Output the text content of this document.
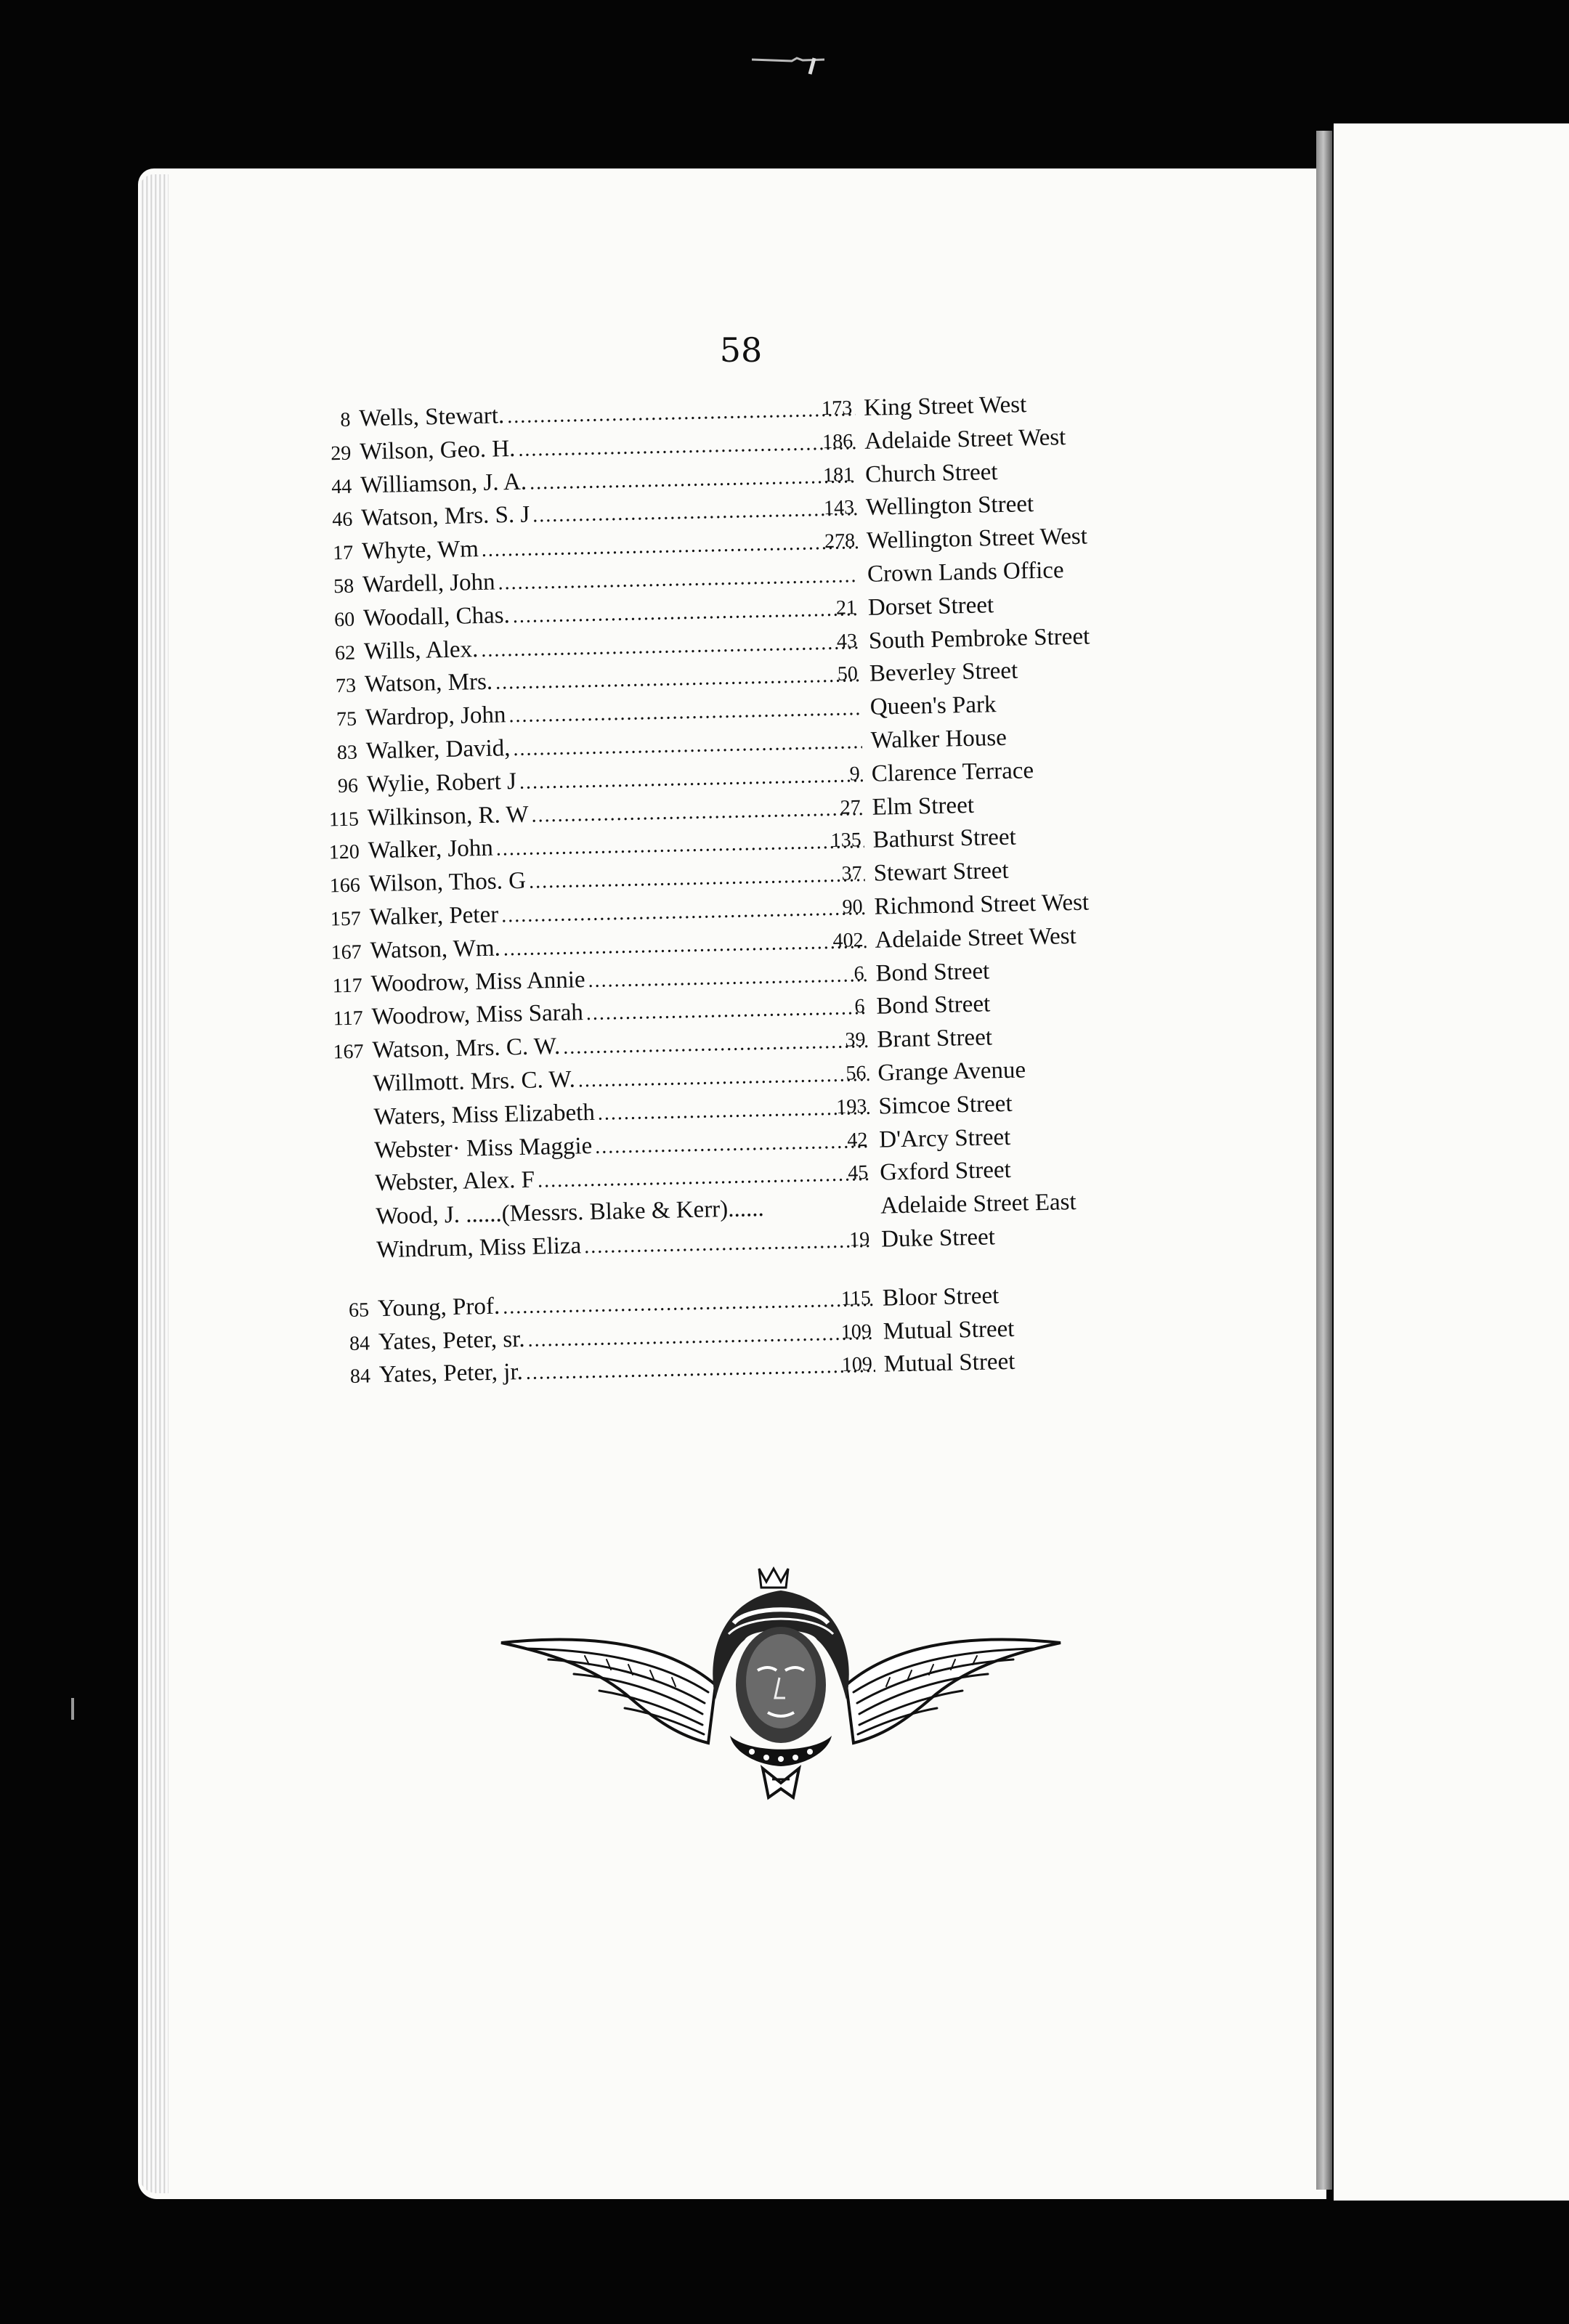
58
8 Wells, Stewart. .....	173 King Street West
29 Wilson, Geo. H. .....	186 Adelaide Street West
44 Williamson, J. A. .....	181 Church Street
46 Watson, Mrs. S. J .....	143 Wellington Street
17 Whyte, Wm .....	278 Wellington Street West
58 Wardell, John .....	Crown Lands Office
60 Woodall, Chas. .....	21 Dorset Street
62 Wills, Alex. .....	43 South Pembroke Street
73 Watson, Mrs. .....	50 Beverley Street
75 Wardrop, John .....	Queen's Park
83 Walker, David, .....	Walker House
96 Wylie, Robert J .....	9 Clarence Terrace
115 Wilkinson, R. W .....	27 Elm Street
120 Walker, John .....	135 Bathurst Street
166 Wilson, Thos. G .....	37 Stewart Street
157 Walker, Peter .....	90 Richmond Street West
167 Watson, Wm. .....	402 Adelaide Street West
117 Woodrow, Miss Annie .....	6 Bond Street
117 Woodrow, Miss Sarah .....	6 Bond Street
167 Watson, Mrs. C. W. .....	39 Brant Street
Willmott. Mrs. C. W. .....	56 Grange Avenue
Waters, Miss Elizabeth .....	193 Simcoe Street
Webster· Miss Maggie .....	42 D'Arcy Street
Webster, Alex. F .....	45 Gxford Street
Wood, J. ......(Messrs. Blake & Kerr)......	Adelaide Street East
Windrum, Miss Eliza .....	19 Duke Street
65 Young, Prof. .....	115 Bloor Street
84 Yates, Peter, sr. .....	109 Mutual Street
84 Yates, Peter, jr. .....	109 Mutual Street
